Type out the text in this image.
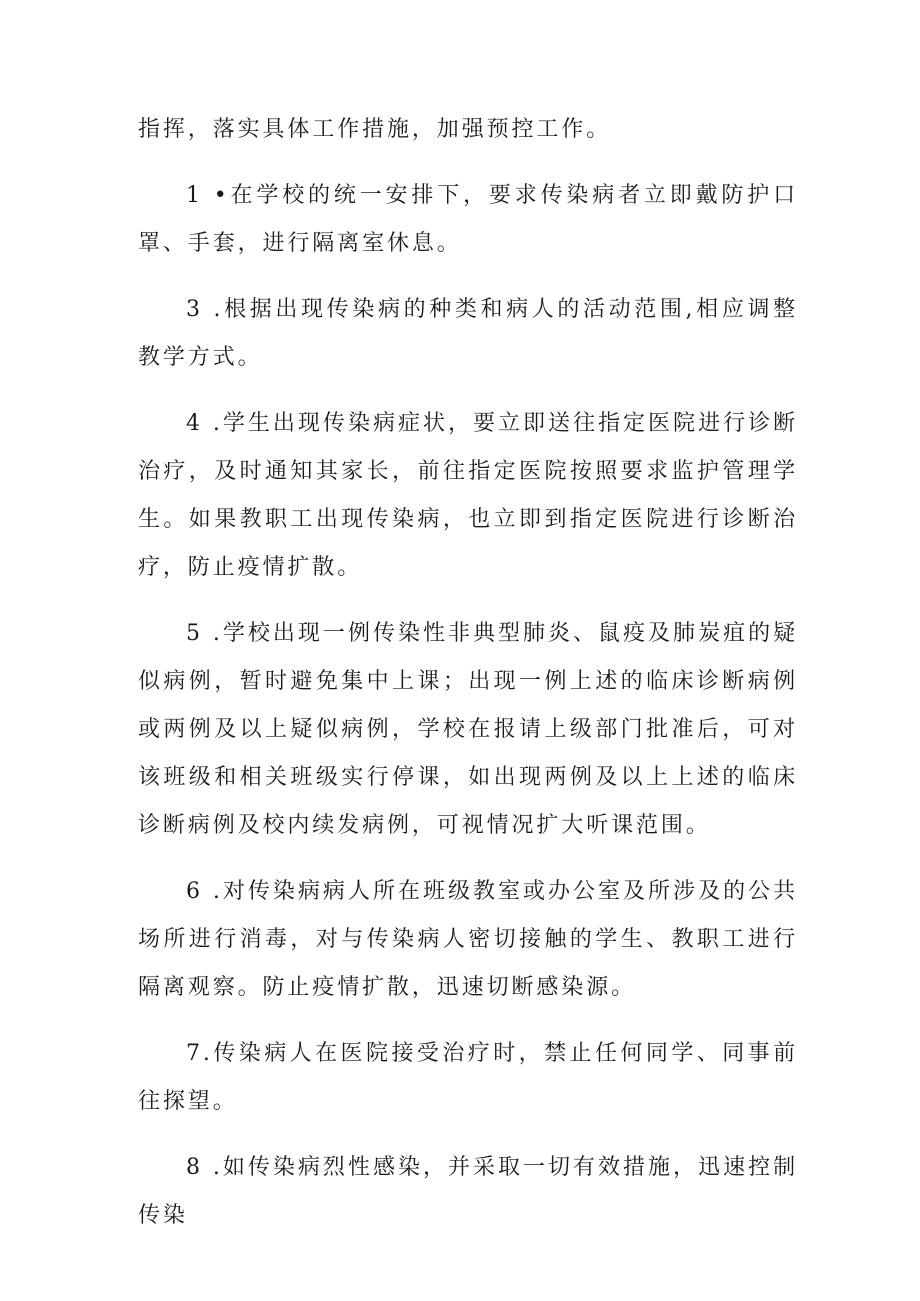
指挥，落实具体工作措施，加强预控工作。

1 •在学校的统一安排下，要求传染病者立即戴防护口罩、手套，进行隔离室休息。

3 .根据出现传染病的种类和病人的活动范围,相应调整教学方式。

4 .学生出现传染病症状，要立即送往指定医院进行诊断治疗，及时通知其家长，前往指定医院按照要求监护管理学生。如果教职工出现传染病，也立即到指定医院进行诊断治疗，防止疫情扩散。

5 .学校出现一例传染性非典型肺炎、鼠疫及肺炭疽的疑似病例，暂时避免集中上课；出现一例上述的临床诊断病例或两例及以上疑似病例，学校在报请上级部门批准后，可对该班级和相关班级实行停课，如出现两例及以上上述的临床诊断病例及校内续发病例，可视情况扩大听课范围。

6 .对传染病病人所在班级教室或办公室及所涉及的公共场所进行消毒，对与传染病人密切接触的学生、教职工进行隔离观察。防止疫情扩散，迅速切断感染源。

7.传染病人在医院接受治疗时，禁止任何同学、同事前往探望。

8 .如传染病烈性感染，并采取一切有效措施，迅速控制传染
